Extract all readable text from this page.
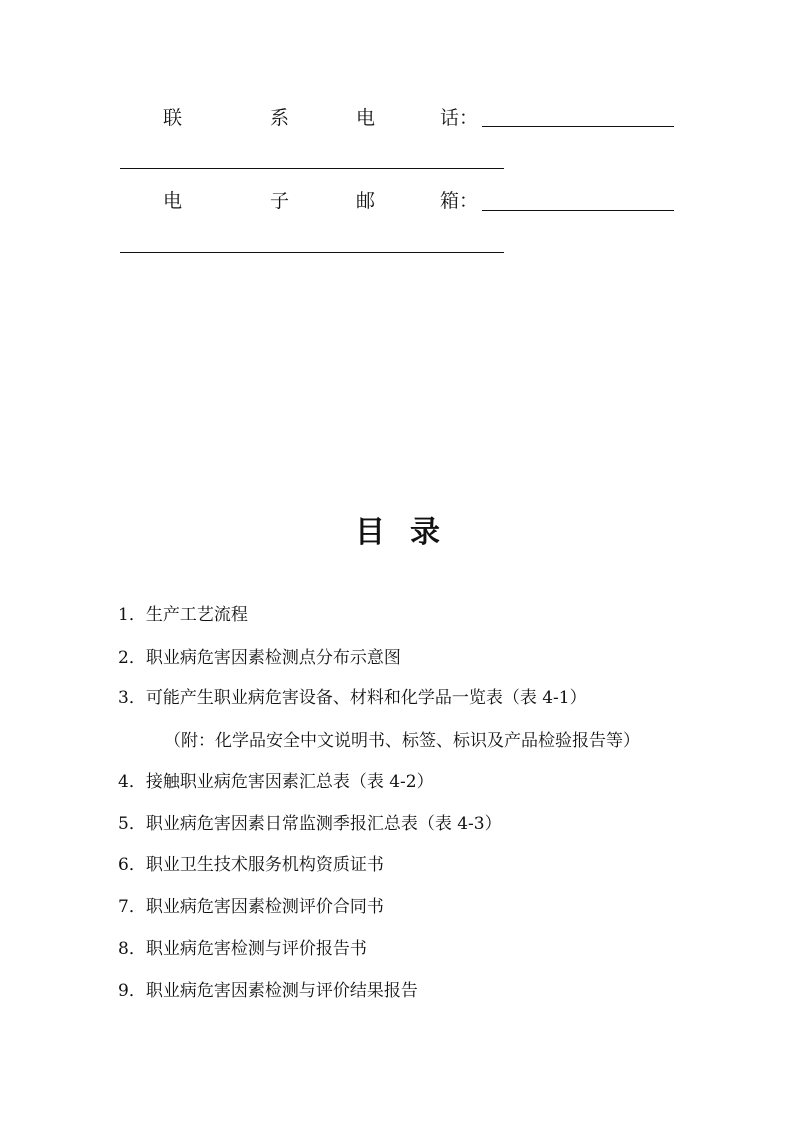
联	系	电	话：
电	子	邮	箱：
目 录
1．生产工艺流程
2．职业病危害因素检测点分布示意图
3．可能产生职业病危害设备、材料和化学品一览表（表 4-1）
（附：化学品安全中文说明书、标签、标识及产品检验报告等）
4．接触职业病危害因素汇总表（表 4-2）
5．职业病危害因素日常监测季报汇总表（表 4-3）
6．职业卫生技术服务机构资质证书
7．职业病危害因素检测评价合同书
8．职业病危害检测与评价报告书
9．职业病危害因素检测与评价结果报告
